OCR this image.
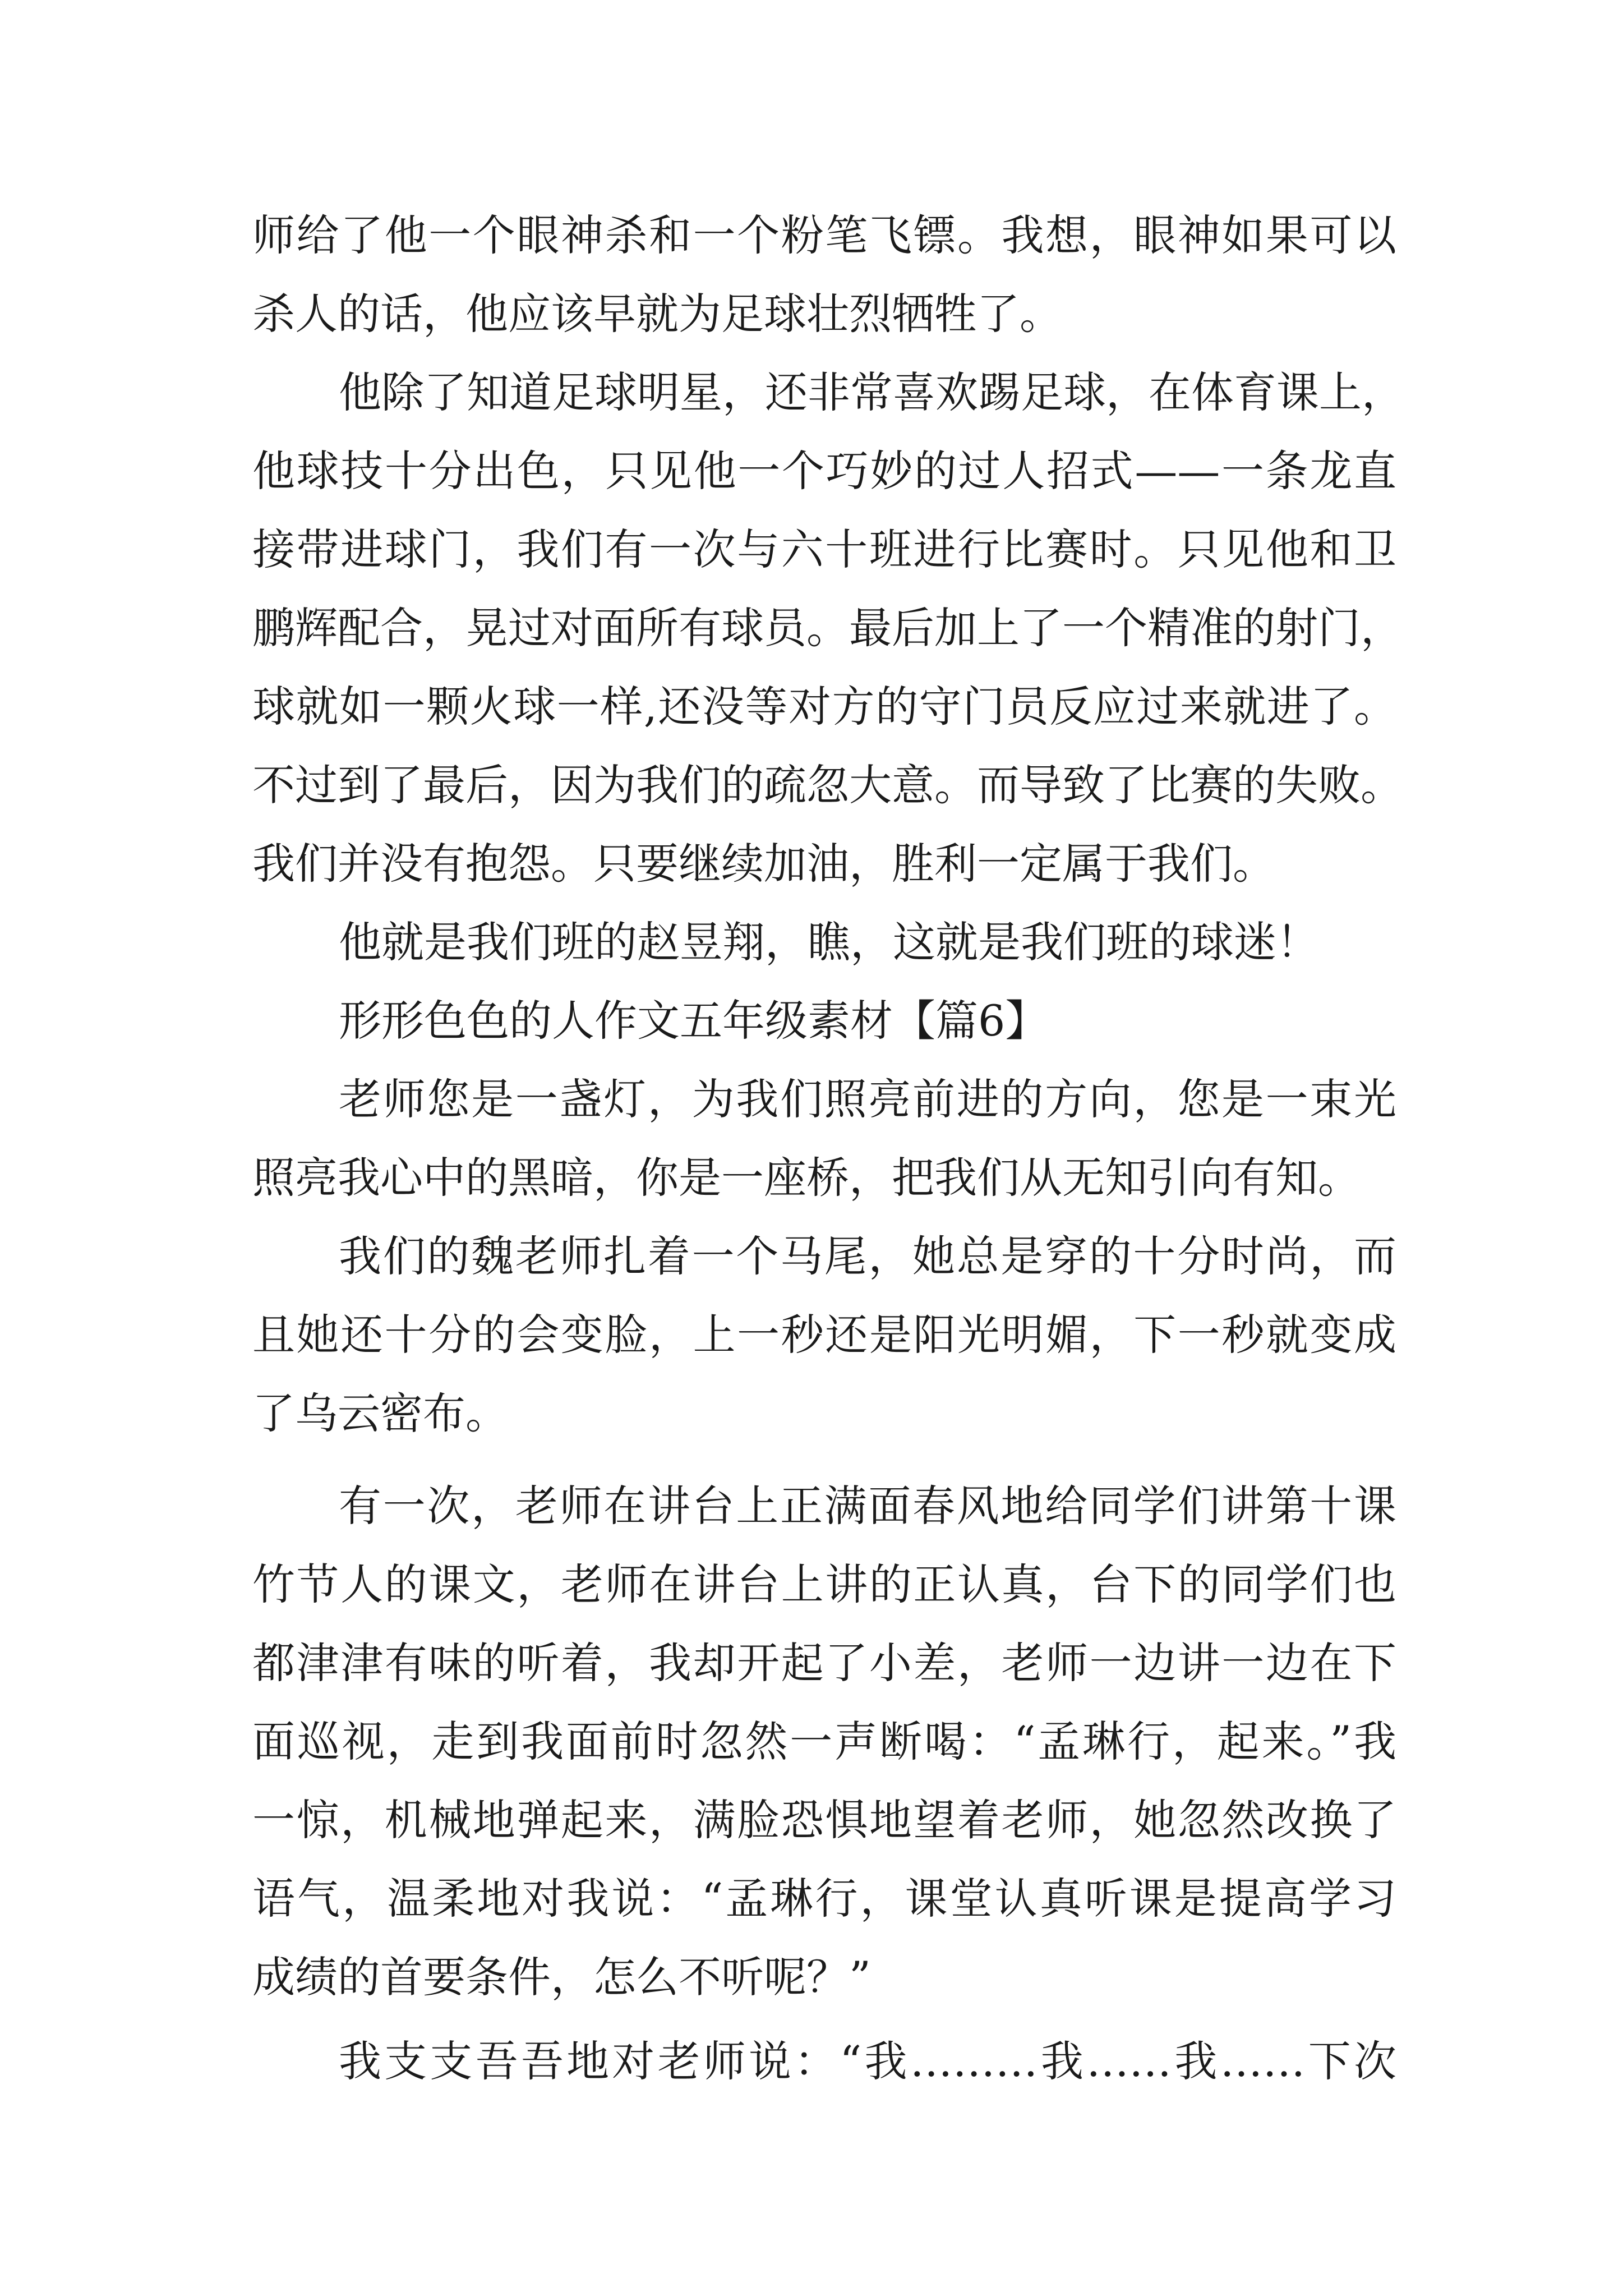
师给了他一个眼神杀和一个粉笔飞镖。我想，眼神如果可以
杀人的话，他应该早就为足球壮烈牺牲了。
他除了知道足球明星，还非常喜欢踢足球，在体育课上，
他球技十分出色，只见他一个巧妙的过人招式——一条龙直
接带进球门，我们有一次与六十班进行比赛时。只见他和卫
鹏辉配合，晃过对面所有球员。最后加上了一个精准的射门，
球就如一颗火球一样,还没等对方的守门员反应过来就进了。
不过到了最后，因为我们的疏忽大意。而导致了比赛的失败。
我们并没有抱怨。只要继续加油，胜利一定属于我们。
他就是我们班的赵昱翔，瞧，这就是我们班的球迷！
形形色色的人作文五年级素材【篇6】
老师您是一盏灯，为我们照亮前进的方向，您是一束光
照亮我心中的黑暗，你是一座桥，把我们从无知引向有知。
我们的魏老师扎着一个马尾，她总是穿的十分时尚，而
且她还十分的会变脸，上一秒还是阳光明媚，下一秒就变成
了乌云密布。
有一次，老师在讲台上正满面春风地给同学们讲第十课
竹节人的课文，老师在讲台上讲的正认真，台下的同学们也
都津津有味的听着，我却开起了小差，老师一边讲一边在下
面巡视，走到我面前时忽然一声断喝：“孟琳行，起来。”我
一惊，机械地弹起来，满脸恐惧地望着老师，她忽然改换了
语气，温柔地对我说：“孟琳行，课堂认真听课是提高学习
成绩的首要条件，怎么不听呢？”
我支支吾吾地对老师说：“我………我……我……下次
